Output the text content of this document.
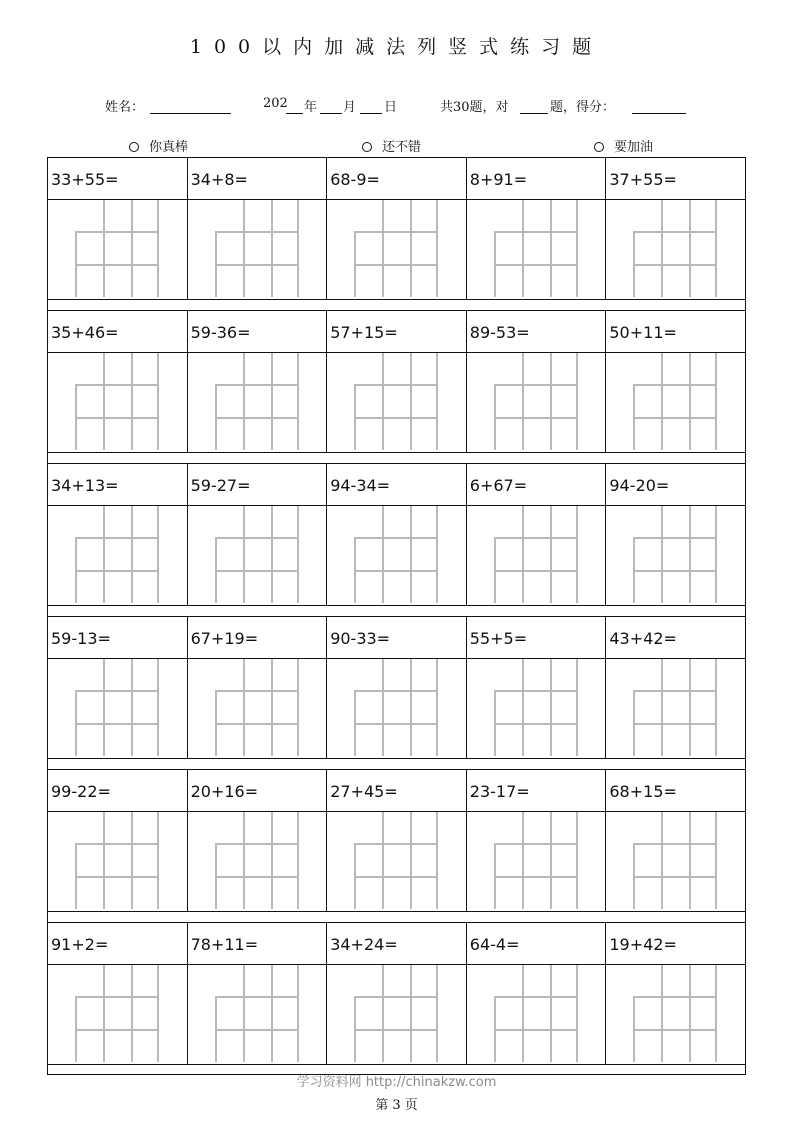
100以内加减法列竖式练习题
姓名：	202 年 月 日	共30题，对	题，得分：
你真棒	还不错	要加油
33+55=	34+8=	68-9=	8+91=	37+55=
35+46=	59-36=	57+15=	89-53=	50+11=
34+13=	59-27=	94-34=	6+67=	94-20=
59-13=	67+19=	90-33=	55+5=	43+42=
99-22=	20+16=	27+45=	23-17=	68+15=
91+2=	78+11=	34+24=	64-4=	19+42=
学习资料网 http://chinakzw.com
第 3 页
